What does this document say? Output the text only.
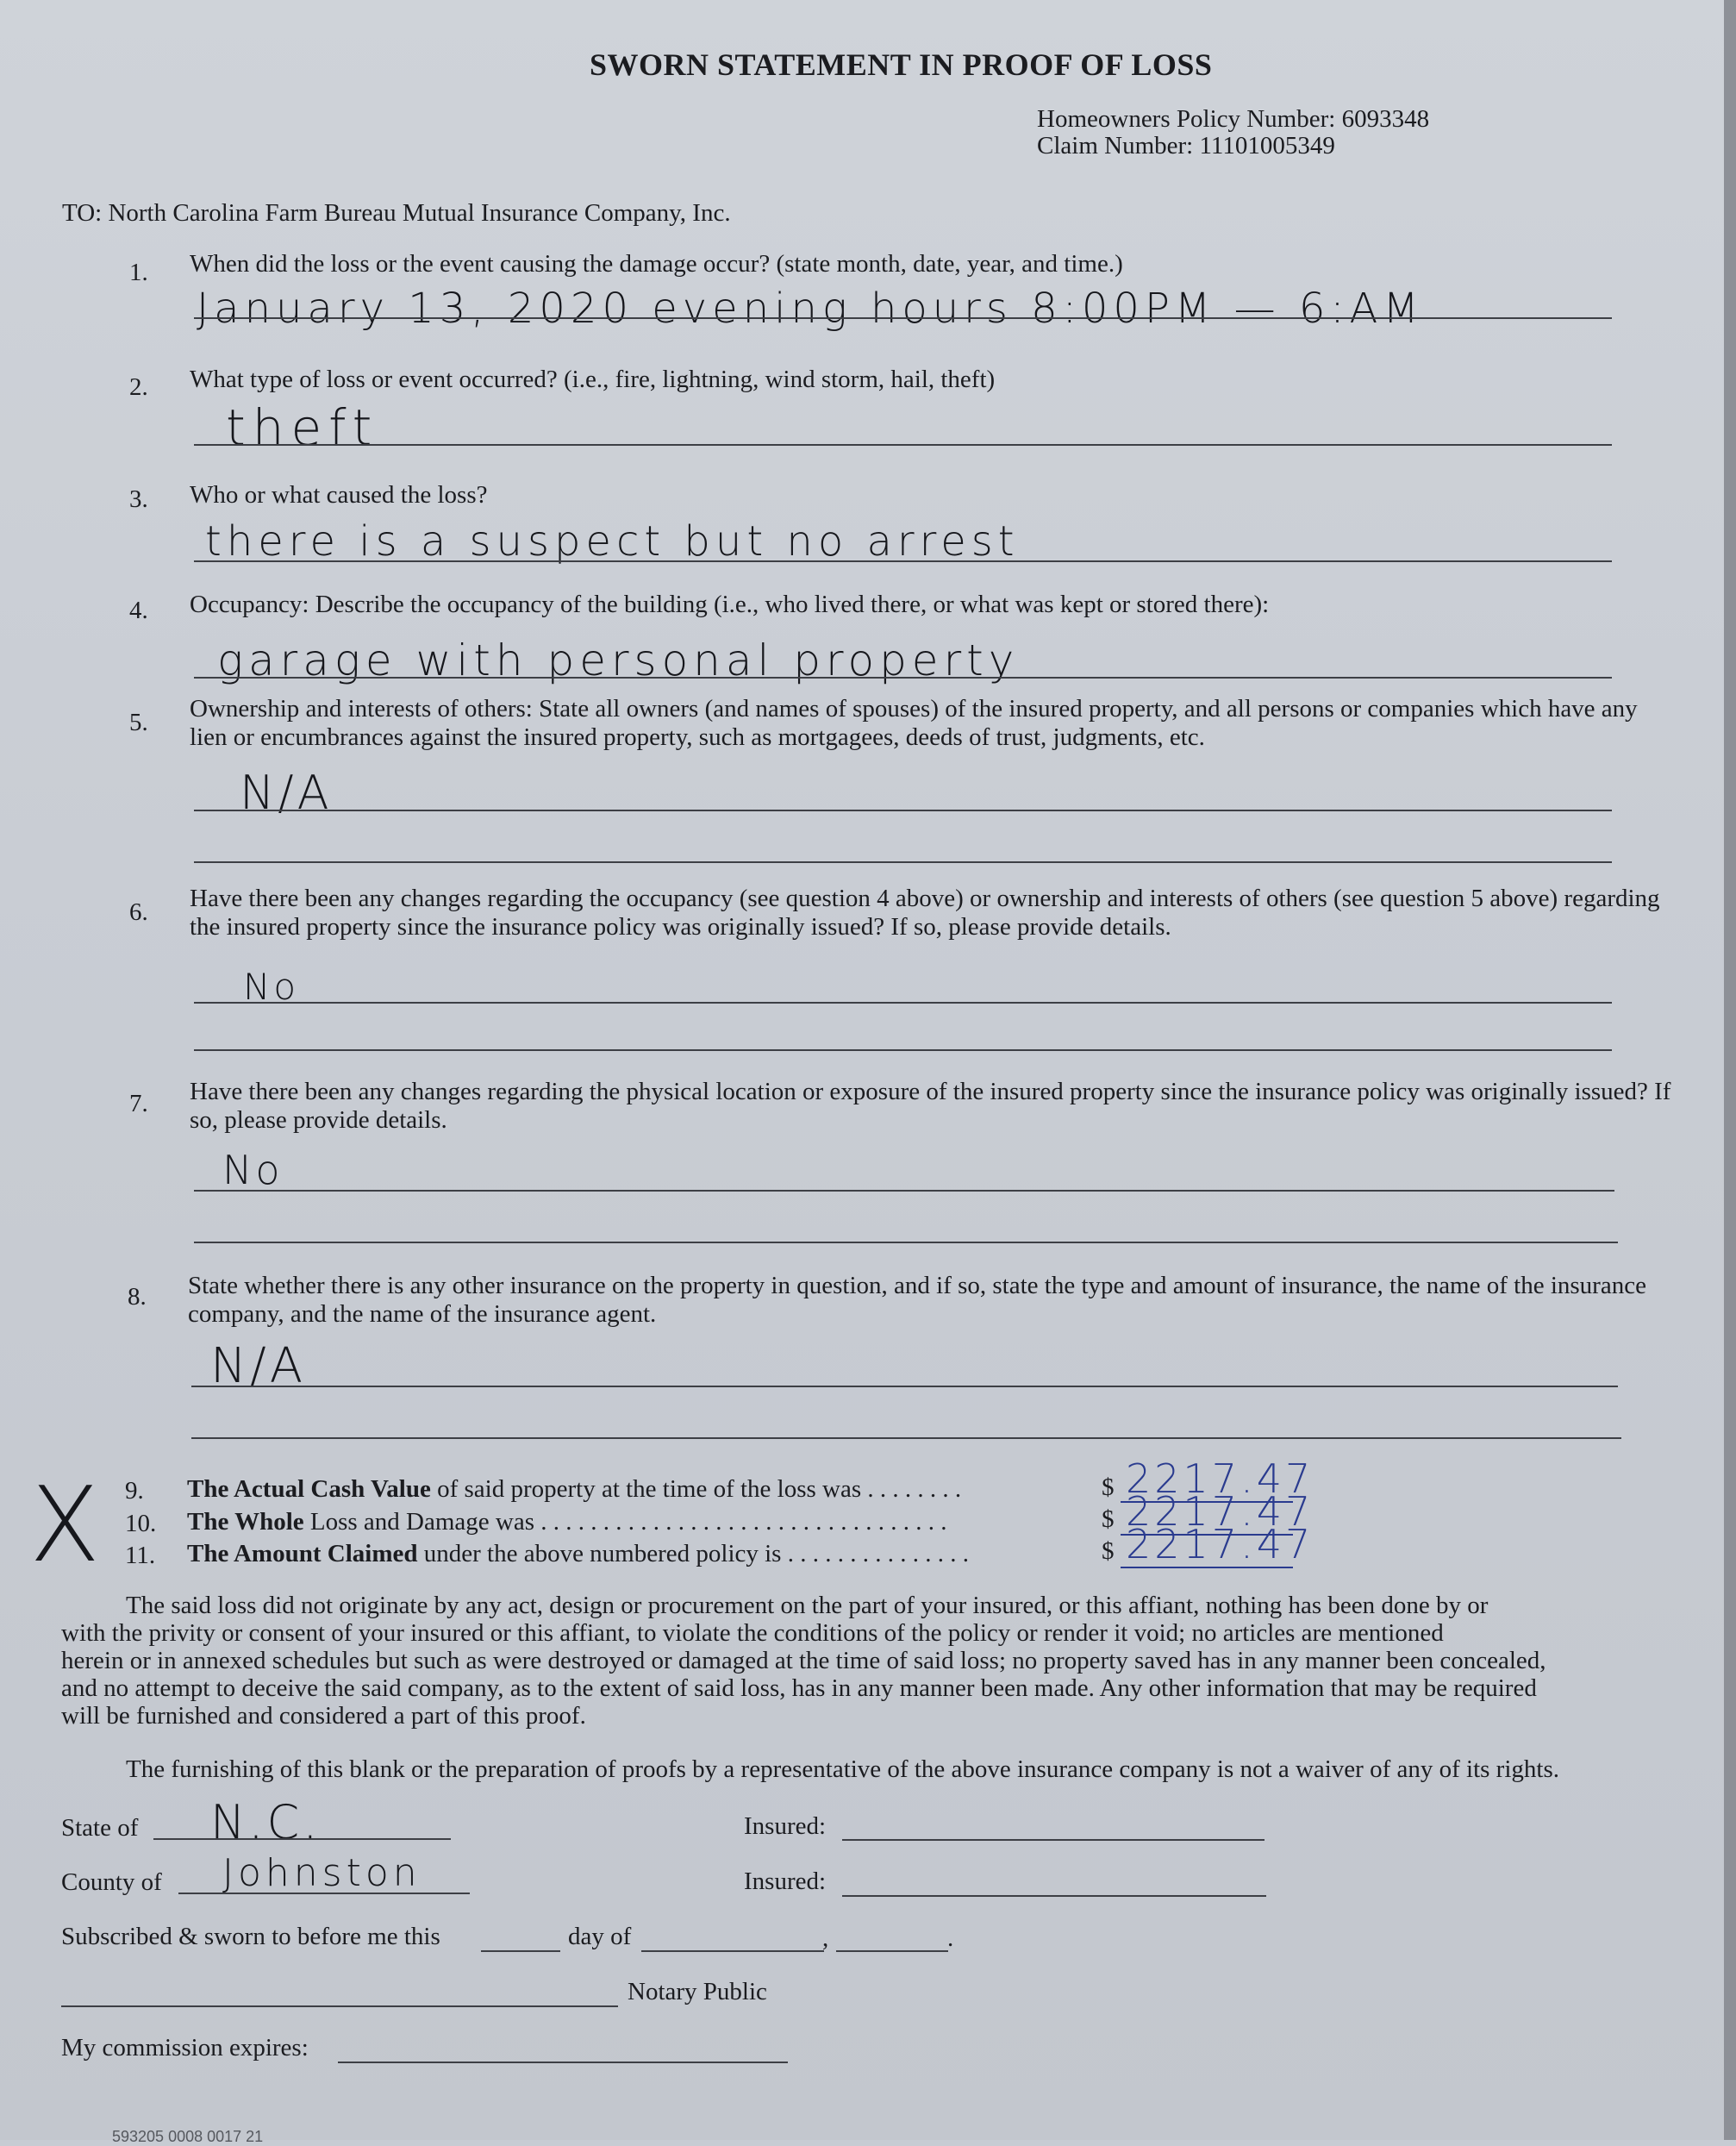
SWORN STATEMENT IN PROOF OF LOSS
Homeowners Policy Number: 6093348
Claim Number: 11101005349
TO: North Carolina Farm Bureau Mutual Insurance Company, Inc.
1. When did the loss or the event causing the damage occur? (state month, date, year, and time.)
January 13, 2020 evening hours 8:00PM — 6:AM
2. What type of loss or event occurred? (i.e., fire, lightning, wind storm, hail, theft)
theft
3. Who or what caused the loss?
there is a suspect but no arrest
4. Occupancy: Describe the occupancy of the building (i.e., who lived there, or what was kept or stored there):
garage with personal property
5. Ownership and interests of others: State all owners (and names of spouses) of the insured property, and all persons or companies which have any lien or encumbrances against the insured property, such as mortgagees, deeds of trust, judgments, etc.
N/A
6. Have there been any changes regarding the occupancy (see question 4 above) or ownership and interests of others (see question 5 above) regarding the insured property since the insurance policy was originally issued? If so, please provide details.
No
7. Have there been any changes regarding the physical location or exposure of the insured property since the insurance policy was originally issued? If so, please provide details.
No
8. State whether there is any other insurance on the property in question, and if so, state the type and amount of insurance, the name of the insurance company, and the name of the insurance agent.
N/A
X 9. The Actual Cash Value of said property at the time of the loss was . . . . . . . .	$ 2217.47
10. The Whole Loss and Damage was . . . . . . . . . . . . . . . . . . . . . . . . . . . . . . . . .	$ 2217.47
11. The Amount Claimed under the above numbered policy is . . . . . . . . . . . . . . .	$ 2217.47
The said loss did not originate by any act, design or procurement on the part of your insured, or this affiant, nothing has been done by or
with the privity or consent of your insured or this affiant, to violate the conditions of the policy or render it void; no articles are mentioned
herein or in annexed schedules but such as were destroyed or damaged at the time of said loss; no property saved has in any manner been concealed,
and no attempt to deceive the said company, as to the extent of said loss, has in any manner been made. Any other information that may be required
will be furnished and considered a part of this proof.
The furnishing of this blank or the preparation of proofs by a representative of the above insurance company is not a waiver of any of its rights.
State of N.C.	Insured:
County of Johnston	Insured:
Subscribed & sworn to before me this	day of	,	.
Notary Public
My commission expires:
593205 0008 0017 21
